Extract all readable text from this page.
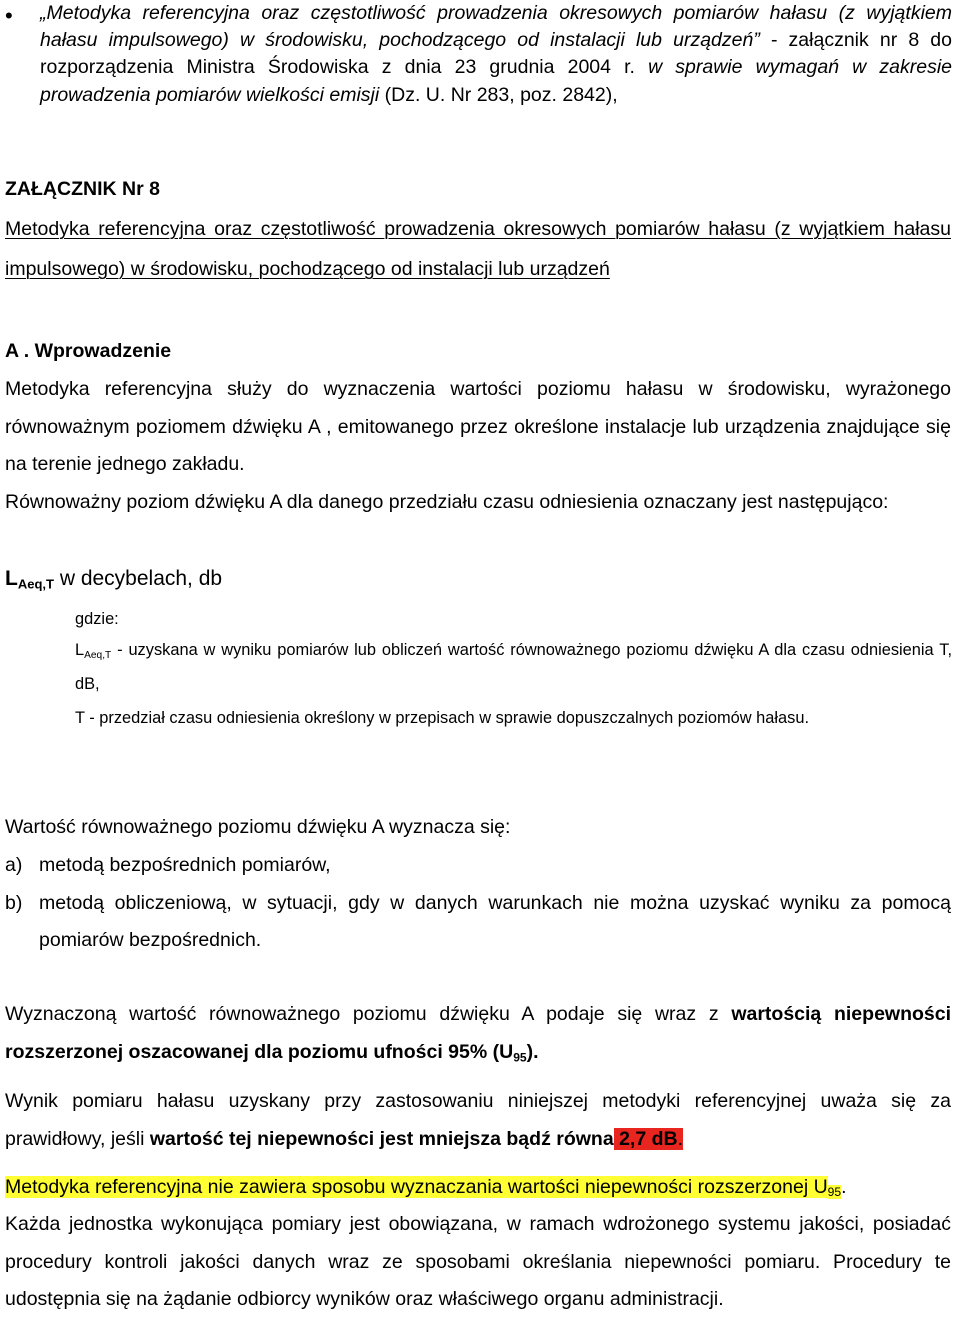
• „Metodyka referencyjna oraz częstotliwość prowadzenia okresowych pomiarów hałasu (z wyjątkiem hałasu impulsowego) w środowisku, pochodzącego od instalacji lub urządzeń” - załącznik nr 8 do rozporządzenia Ministra Środowiska z dnia 23 grudnia 2004 r. w sprawie wymagań w zakresie prowadzenia pomiarów wielkości emisji (Dz. U. Nr 283, poz. 2842),
ZAŁĄCZNIK Nr 8
Metodyka referencyjna oraz częstotliwość prowadzenia okresowych pomiarów hałasu (z wyjątkiem hałasu impulsowego) w środowisku, pochodzącego od instalacji lub urządzeń
A . Wprowadzenie
Metodyka referencyjna służy do wyznaczenia wartości poziomu hałasu w środowisku, wyrażonego równoważnym poziomem dźwięku A , emitowanego przez określone instalacje lub urządzenia znajdujące się na terenie jednego zakładu.
Równoważny poziom dźwięku A dla danego przedziału czasu odniesienia oznaczany jest następująco:
$L_{Aeq,T}$ w decybelach, db
gdzie:
$L_{Aeq,T}$ - uzyskana w wyniku pomiarów lub obliczeń wartość równoważnego poziomu dźwięku A dla czasu odniesienia T, dB,
T - przedział czasu odniesienia określony w przepisach w sprawie dopuszczalnych poziomów hałasu.
Wartość równoważnego poziomu dźwięku A wyznacza się:
a) metodą bezpośrednich pomiarów,
b) metodą obliczeniową, w sytuacji, gdy w danych warunkach nie można uzyskać wyniku za pomocą pomiarów bezpośrednich.
Wyznaczoną wartość równoważnego poziomu dźwięku A podaje się wraz z wartością niepewności rozszerzonej oszacowanej dla poziomu ufności 95% $(U_{95})$.
Wynik pomiaru hałasu uzyskany przy zastosowaniu niniejszej metodyki referencyjnej uważa się za prawidłowy, jeśli wartość tej niepewności jest mniejsza bądź równa 2,7 dB.
Metodyka referencyjna nie zawiera sposobu wyznaczania wartości niepewności rozszerzonej $U_{95}$.
Każda jednostka wykonująca pomiary jest obowiązana, w ramach wdrożonego systemu jakości, posiadać procedury kontroli jakości danych wraz ze sposobami określania niepewności pomiaru. Procedury te udostępnia się na żądanie odbiorcy wyników oraz właściwego organu administracji.
